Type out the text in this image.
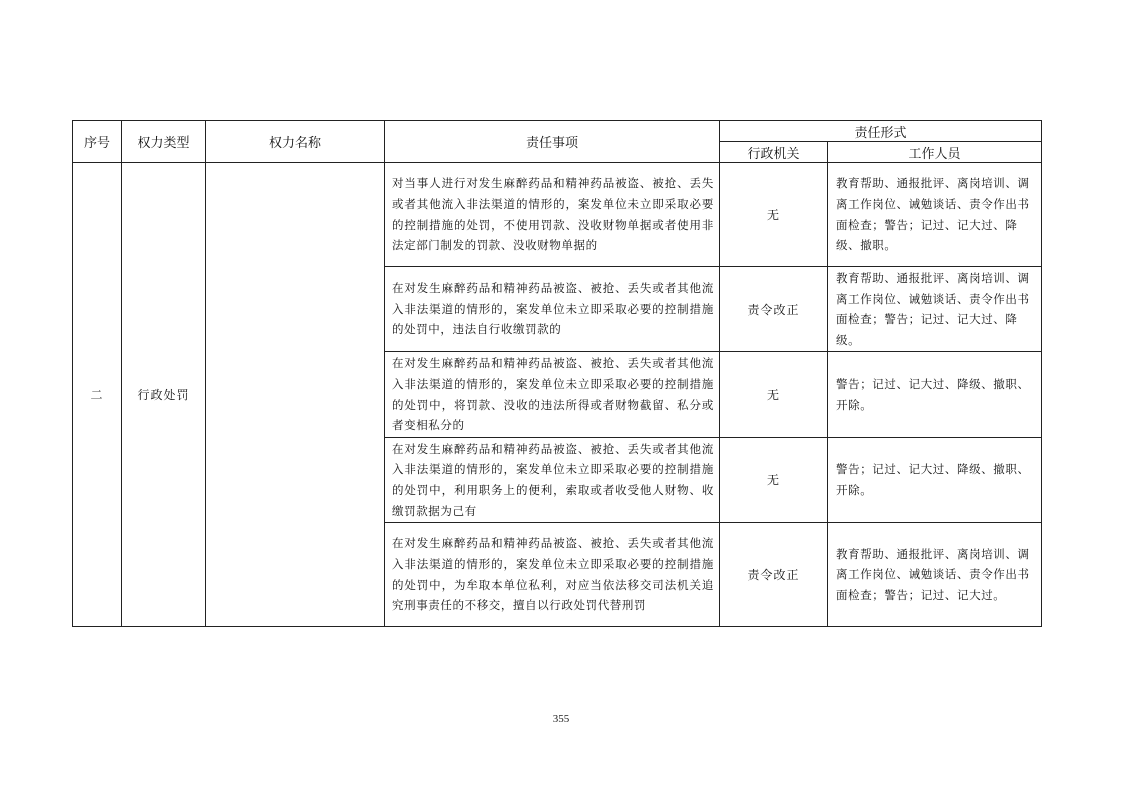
序号	权力类型	权力名称	责任事项	责任形式	
				行政机关	工作人员
二	行政处罚		对当事人进行对发生麻醉药品和精神药品被盗、被抢、丢失或者其他流入非法渠道的情形的，案发单位未立即采取必要的控制措施的处罚，不使用罚款、没收财物单据或者使用非法定部门制发的罚款、没收财物单据的	无	教育帮助、通报批评、离岗培训、调离工作岗位、诫勉谈话、责令作出书面检查；警告；记过、记大过、降级、撤职。
			在对发生麻醉药品和精神药品被盗、被抢、丢失或者其他流入非法渠道的情形的，案发单位未立即采取必要的控制措施的处罚中，违法自行收缴罚款的	责令改正	教育帮助、通报批评、离岗培训、调离工作岗位、诫勉谈话、责令作出书面检查；警告；记过、记大过、降级。
			在对发生麻醉药品和精神药品被盗、被抢、丢失或者其他流入非法渠道的情形的，案发单位未立即采取必要的控制措施的处罚中，将罚款、没收的违法所得或者财物截留、私分或者变相私分的	无	警告；记过、记大过、降级、撤职、开除。
			在对发生麻醉药品和精神药品被盗、被抢、丢失或者其他流入非法渠道的情形的，案发单位未立即采取必要的控制措施的处罚中，利用职务上的便利，索取或者收受他人财物、收缴罚款据为己有	无	警告；记过、记大过、降级、撤职、开除。
			在对发生麻醉药品和精神药品被盗、被抢、丢失或者其他流入非法渠道的情形的，案发单位未立即采取必要的控制措施的处罚中，为牟取本单位私利，对应当依法移交司法机关追究刑事责任的不移交，擅自以行政处罚代替刑罚	责令改正	教育帮助、通报批评、离岗培训、调离工作岗位、诫勉谈话、责令作出书面检查；警告；记过、记大过。
355
